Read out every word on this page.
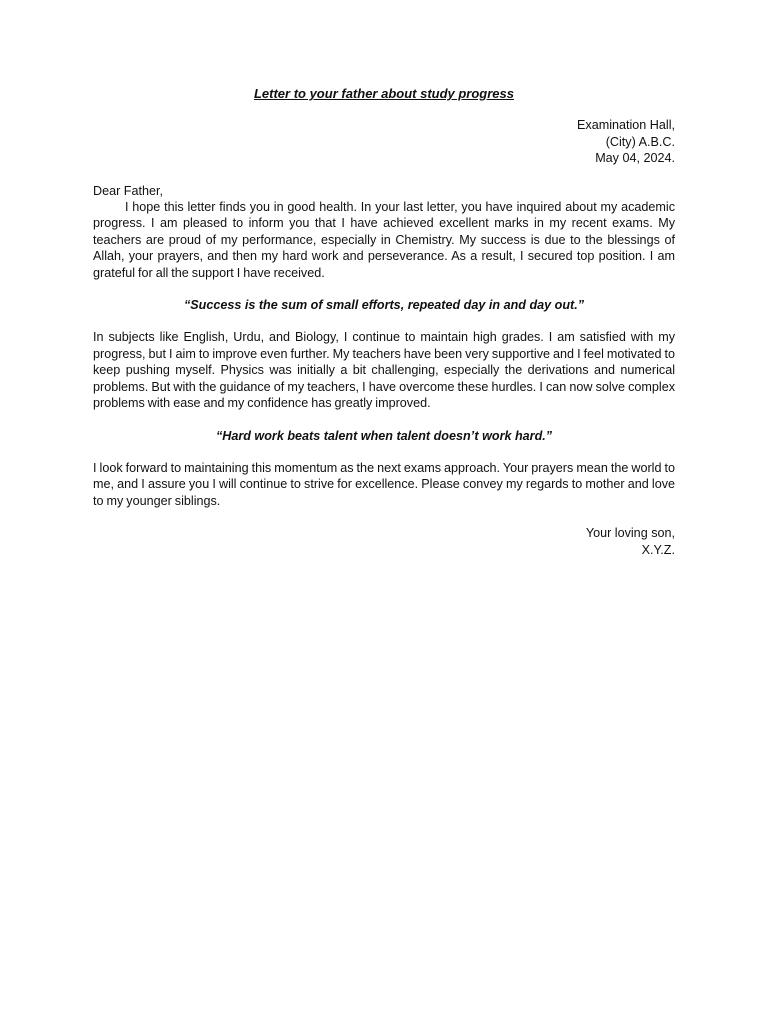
Letter to your father about study progress
Examination Hall,
(City) A.B.C.
May 04, 2024.
Dear Father,

I hope this letter finds you in good health. In your last letter, you have inquired about my academic progress. I am pleased to inform you that I have achieved excellent marks in my recent exams. My teachers are proud of my performance, especially in Chemistry. My success is due to the blessings of Allah, your prayers, and then my hard work and perseverance. As a result, I secured top position. I am grateful for all the support I have received.

“Success is the sum of small efforts, repeated day in and day out.”

In subjects like English, Urdu, and Biology, I continue to maintain high grades. I am satisfied with my progress, but I aim to improve even further. My teachers have been very supportive and I feel motivated to keep pushing myself. Physics was initially a bit challenging, especially the derivations and numerical problems. But with the guidance of my teachers, I have overcome these hurdles. I can now solve complex problems with ease and my confidence has greatly improved.

“Hard work beats talent when talent doesn’t work hard.”

I look forward to maintaining this momentum as the next exams approach. Your prayers mean the world to me, and I assure you I will continue to strive for excellence. Please convey my regards to mother and love to my younger siblings.

Your loving son,
X.Y.Z.
